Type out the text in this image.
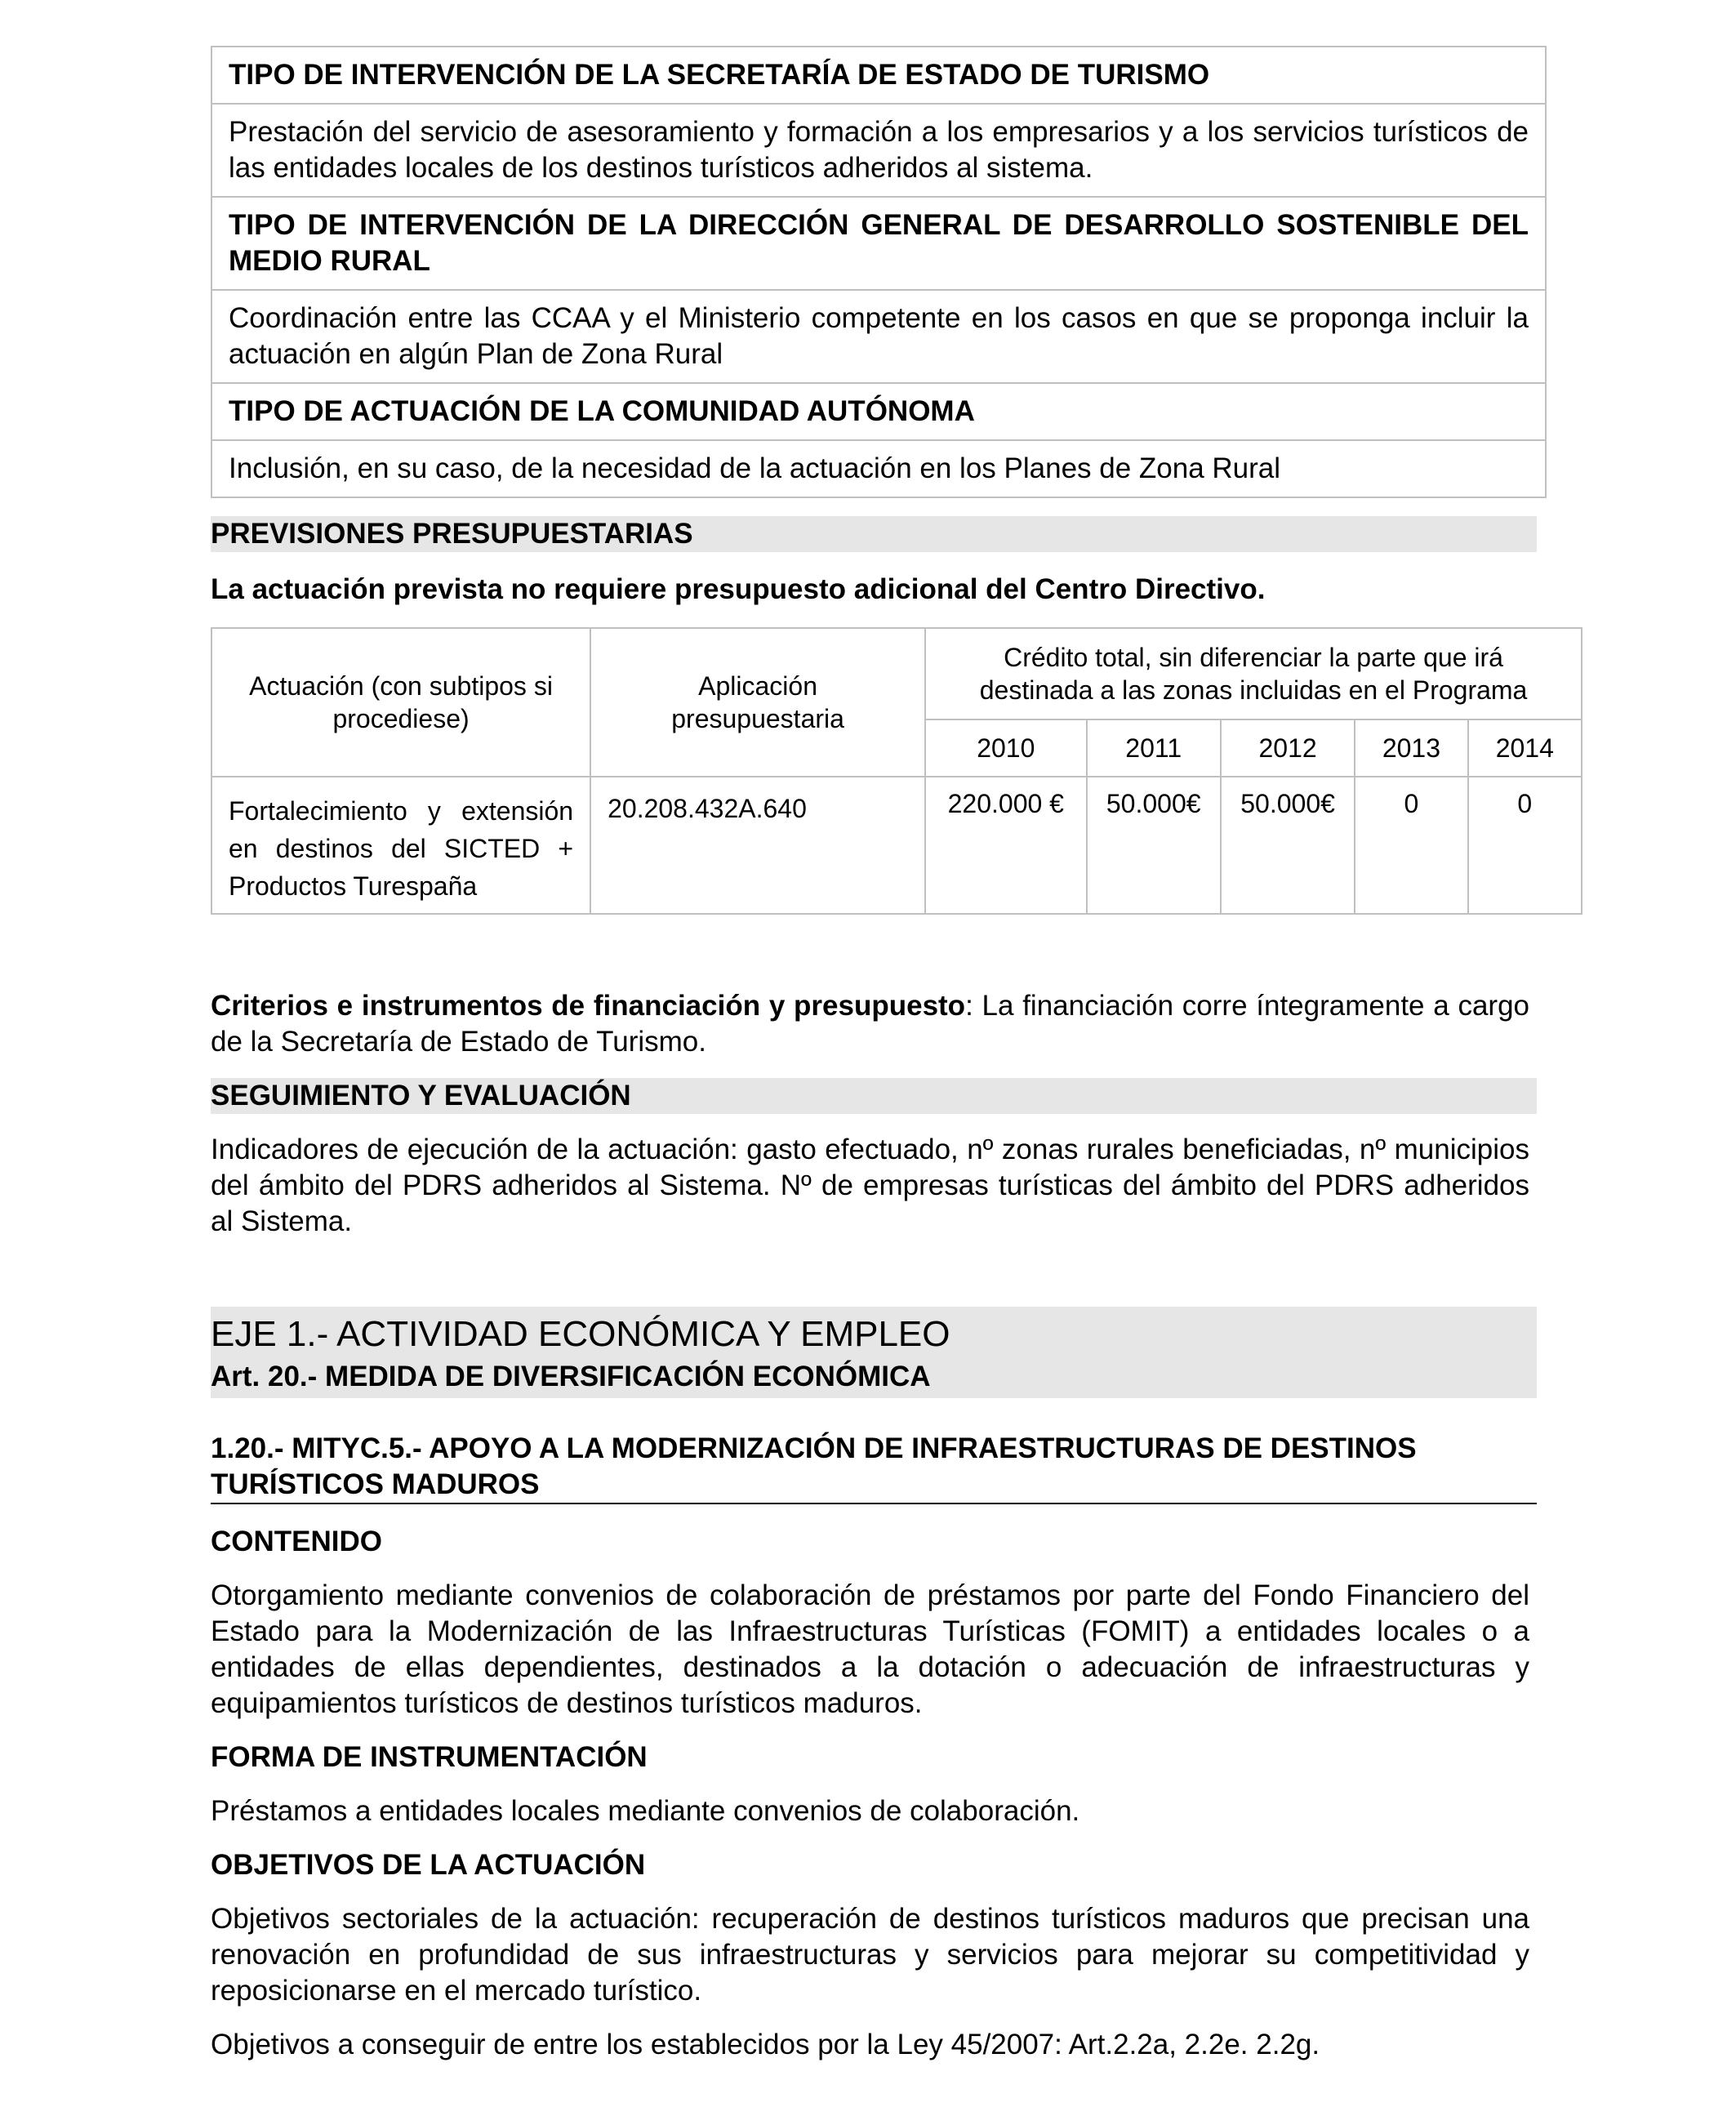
TIPO DE INTERVENCIÓN DE LA SECRETARÍA DE ESTADO DE TURISMO
Prestación del servicio de asesoramiento y formación a los empresarios y a los servicios turísticos de las entidades locales de los destinos turísticos adheridos al sistema.
TIPO DE INTERVENCIÓN DE LA DIRECCIÓN GENERAL DE DESARROLLO SOSTENIBLE DEL MEDIO RURAL
Coordinación entre las CCAA y el Ministerio competente en los casos en que se proponga incluir la actuación en algún Plan de Zona Rural
TIPO DE ACTUACIÓN DE LA COMUNIDAD AUTÓNOMA
Inclusión, en su caso, de la necesidad de la actuación en los Planes de Zona Rural
PREVISIONES PRESUPUESTARIAS

La actuación prevista no requiere presupuesto adicional del Centro Directivo.

Actuación (con subtipos si procediese)	Aplicación presupuestaria	Crédito total, sin diferenciar la parte que irá destinada a las zonas incluidas en el Programa				
		2010	2011	2012	2013	2014
Fortalecimiento y extensión en destinos del SICTED + Productos Turespaña	20.208.432A.640	220.000 €	50.000€	50.000€	0	0

Criterios e instrumentos de financiación y presupuesto: La financiación corre íntegramente a cargo de la Secretaría de Estado de Turismo.

SEGUIMIENTO Y EVALUACIÓN

Indicadores de ejecución de la actuación: gasto efectuado, nº zonas rurales beneficiadas, nº municipios del ámbito del PDRS adheridos al Sistema. Nº de empresas turísticas del ámbito del PDRS adheridos al Sistema.

EJE 1.- ACTIVIDAD ECONÓMICA Y EMPLEO
Art. 20.- MEDIDA DE DIVERSIFICACIÓN ECONÓMICA

1.20.- MITYC.5.- APOYO A LA MODERNIZACIÓN DE INFRAESTRUCTURAS DE DESTINOS TURÍSTICOS MADUROS

CONTENIDO

Otorgamiento mediante convenios de colaboración de préstamos por parte del Fondo Financiero del Estado para la Modernización de las Infraestructuras Turísticas (FOMIT) a entidades locales o a entidades de ellas dependientes, destinados a la dotación o adecuación de infraestructuras y equipamientos turísticos de destinos turísticos maduros.

FORMA DE INSTRUMENTACIÓN

Préstamos a entidades locales mediante convenios de colaboración.

OBJETIVOS DE LA ACTUACIÓN

Objetivos sectoriales de la actuación: recuperación de destinos turísticos maduros que precisan una renovación en profundidad de sus infraestructuras y servicios para mejorar su competitividad y reposicionarse en el mercado turístico.

Objetivos a conseguir de entre los establecidos por la Ley 45/2007: Art.2.2a, 2.2e. 2.2g.
